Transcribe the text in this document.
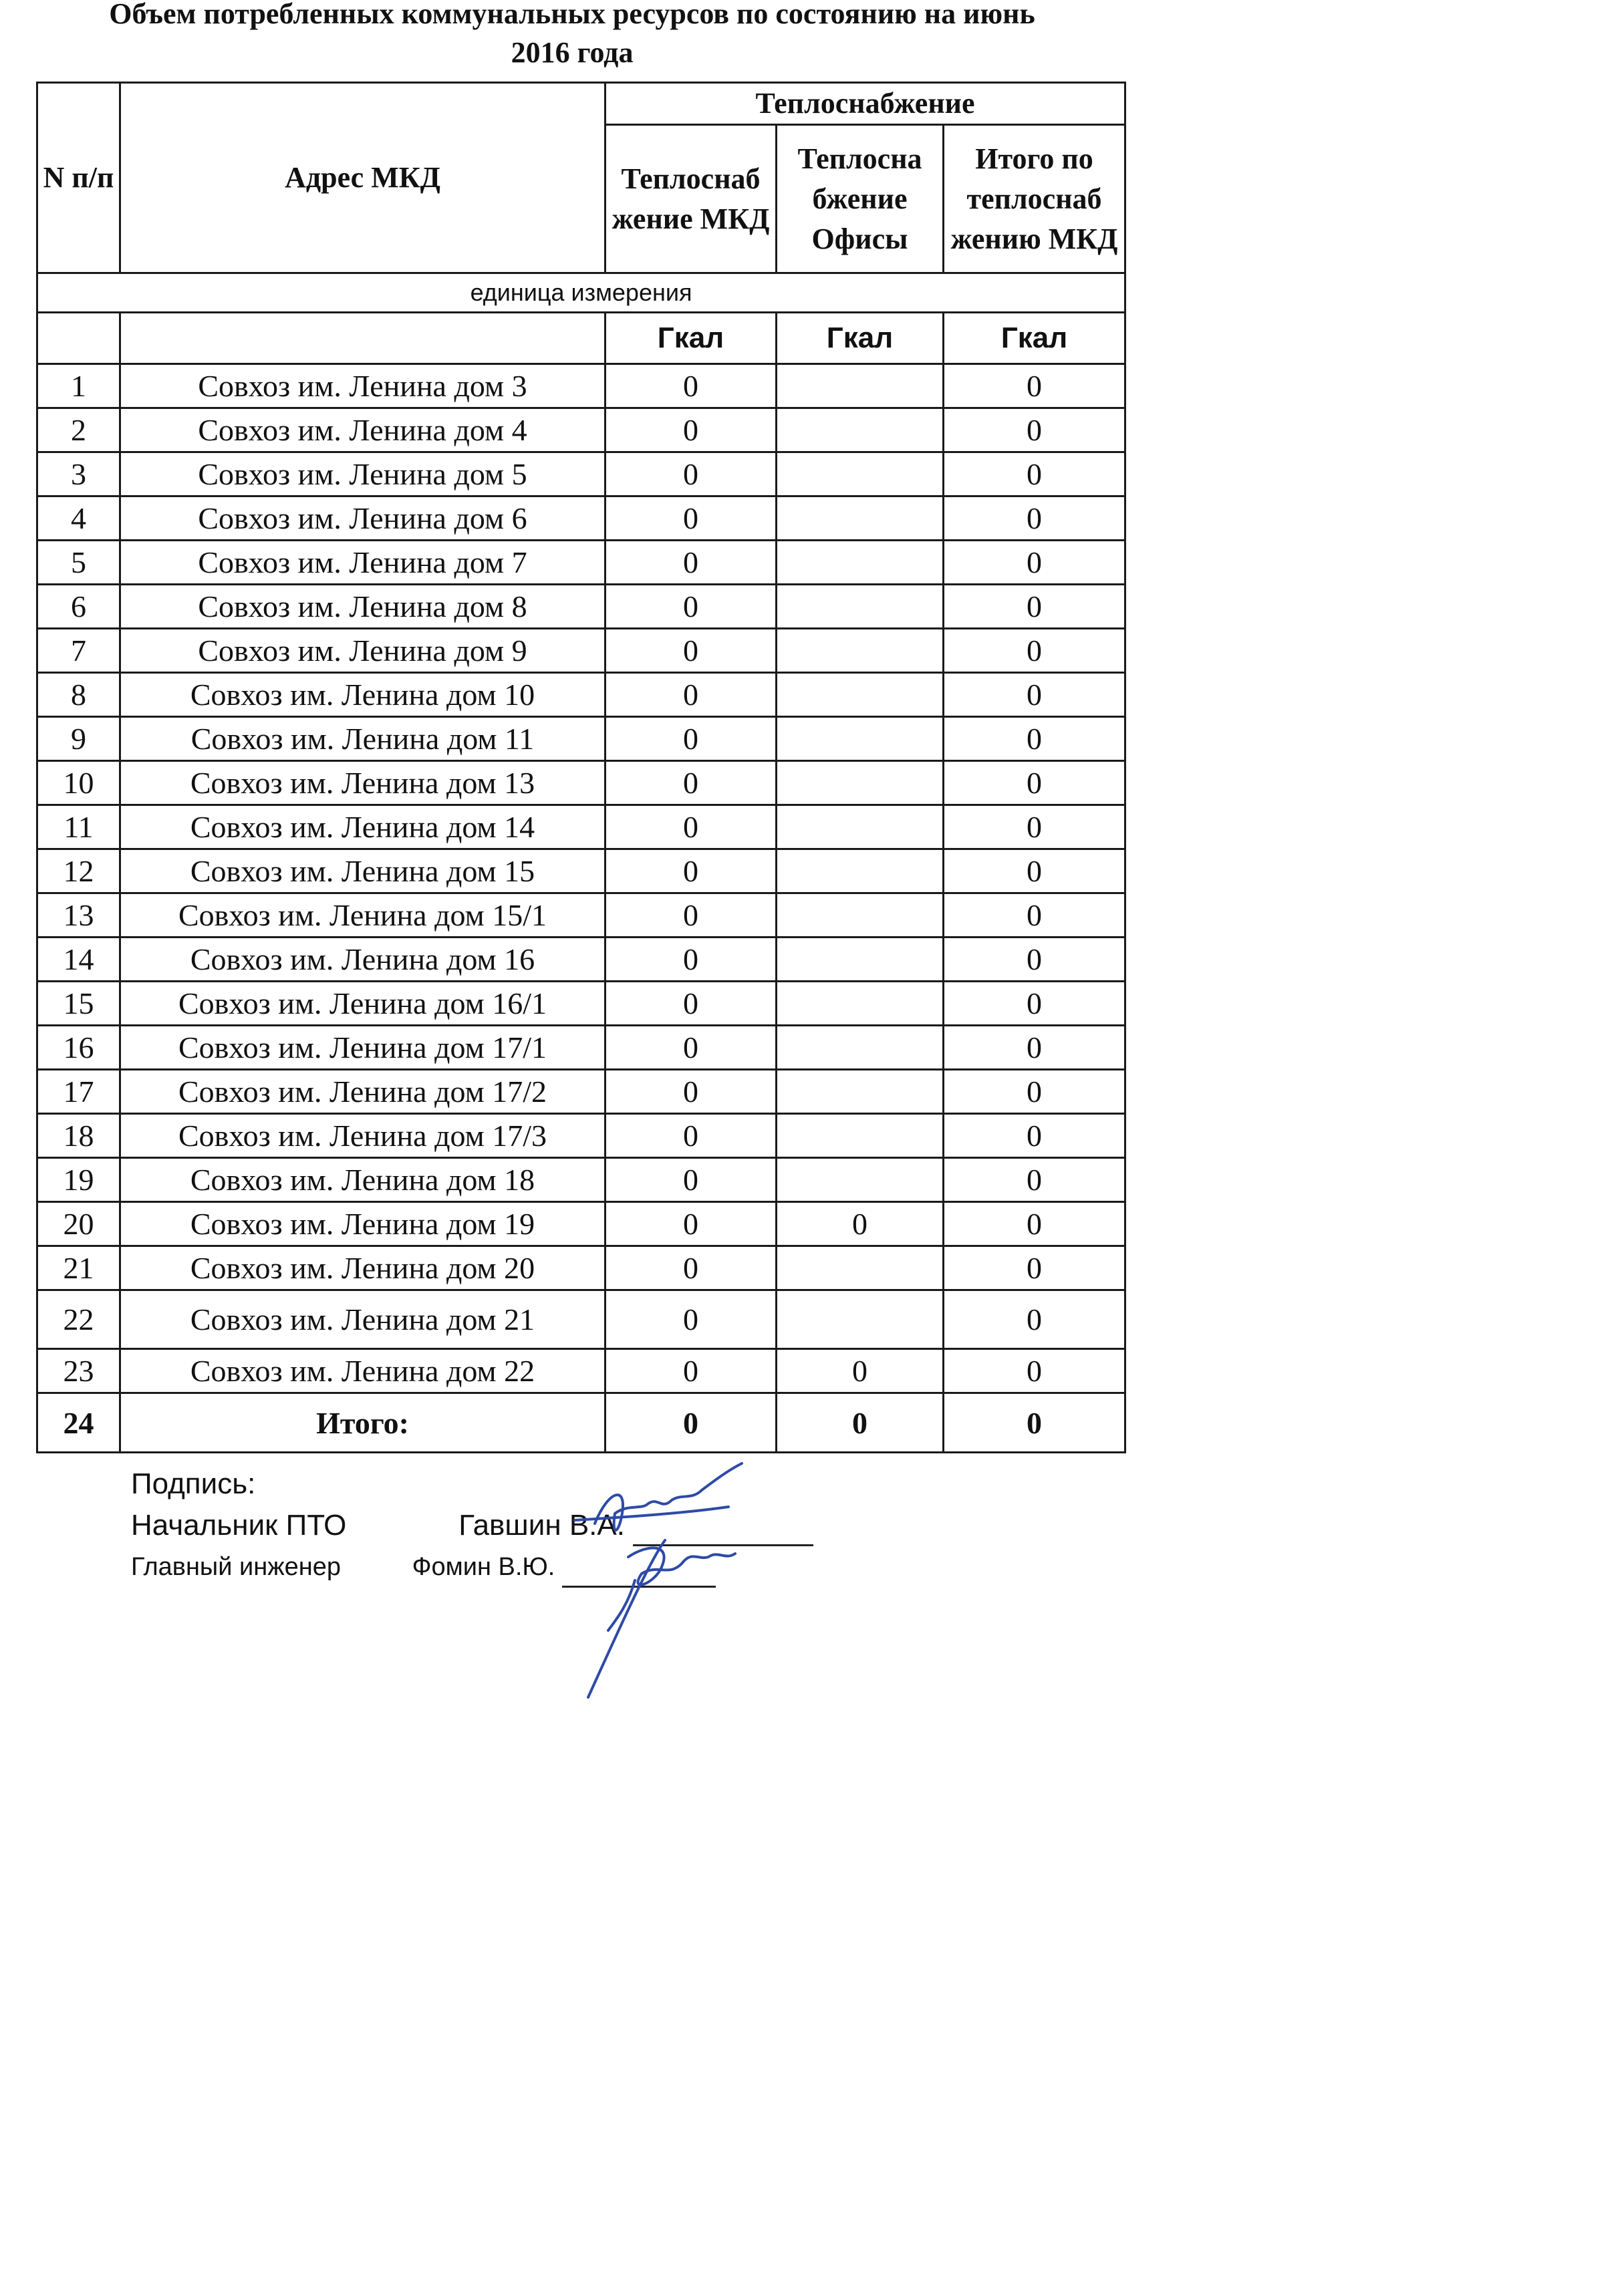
Объем потребленных коммунальных ресурсов по состоянию на июнь
2016 года
N п/п	Адрес МКД	Теплоснабжение		
		Теплоснаб жение МКД	Теплосна бжение Офисы	Итого по теплоснаб жению МКД
единица измерения				
		Гкал	Гкал	Гкал
1	Совхоз им. Ленина дом 3	0		0
2	Совхоз им. Ленина дом 4	0		0
3	Совхоз им. Ленина дом 5	0		0
4	Совхоз им. Ленина дом 6	0		0
5	Совхоз им. Ленина дом 7	0		0
6	Совхоз им. Ленина дом 8	0		0
7	Совхоз им. Ленина дом 9	0		0
8	Совхоз им. Ленина дом 10	0		0
9	Совхоз им. Ленина дом 11	0		0
10	Совхоз им. Ленина дом 13	0		0
11	Совхоз им. Ленина дом 14	0		0
12	Совхоз им. Ленина дом 15	0		0
13	Совхоз им. Ленина дом 15/1	0		0
14	Совхоз им. Ленина дом 16	0		0
15	Совхоз им. Ленина дом 16/1	0		0
16	Совхоз им. Ленина дом 17/1	0		0
17	Совхоз им. Ленина дом 17/2	0		0
18	Совхоз им. Ленина дом 17/3	0		0
19	Совхоз им. Ленина дом 18	0		0
20	Совхоз им. Ленина дом 19	0	0	0
21	Совхоз им. Ленина дом 20	0		0
22	Совхоз им. Ленина дом 21	0		0
23	Совхоз им. Ленина дом 22	0	0	0
24	Итого:	0	0	0
Подпись:
Начальник ПТО	Гавшин В.А.
Главный инженер	Фомин В.Ю.
